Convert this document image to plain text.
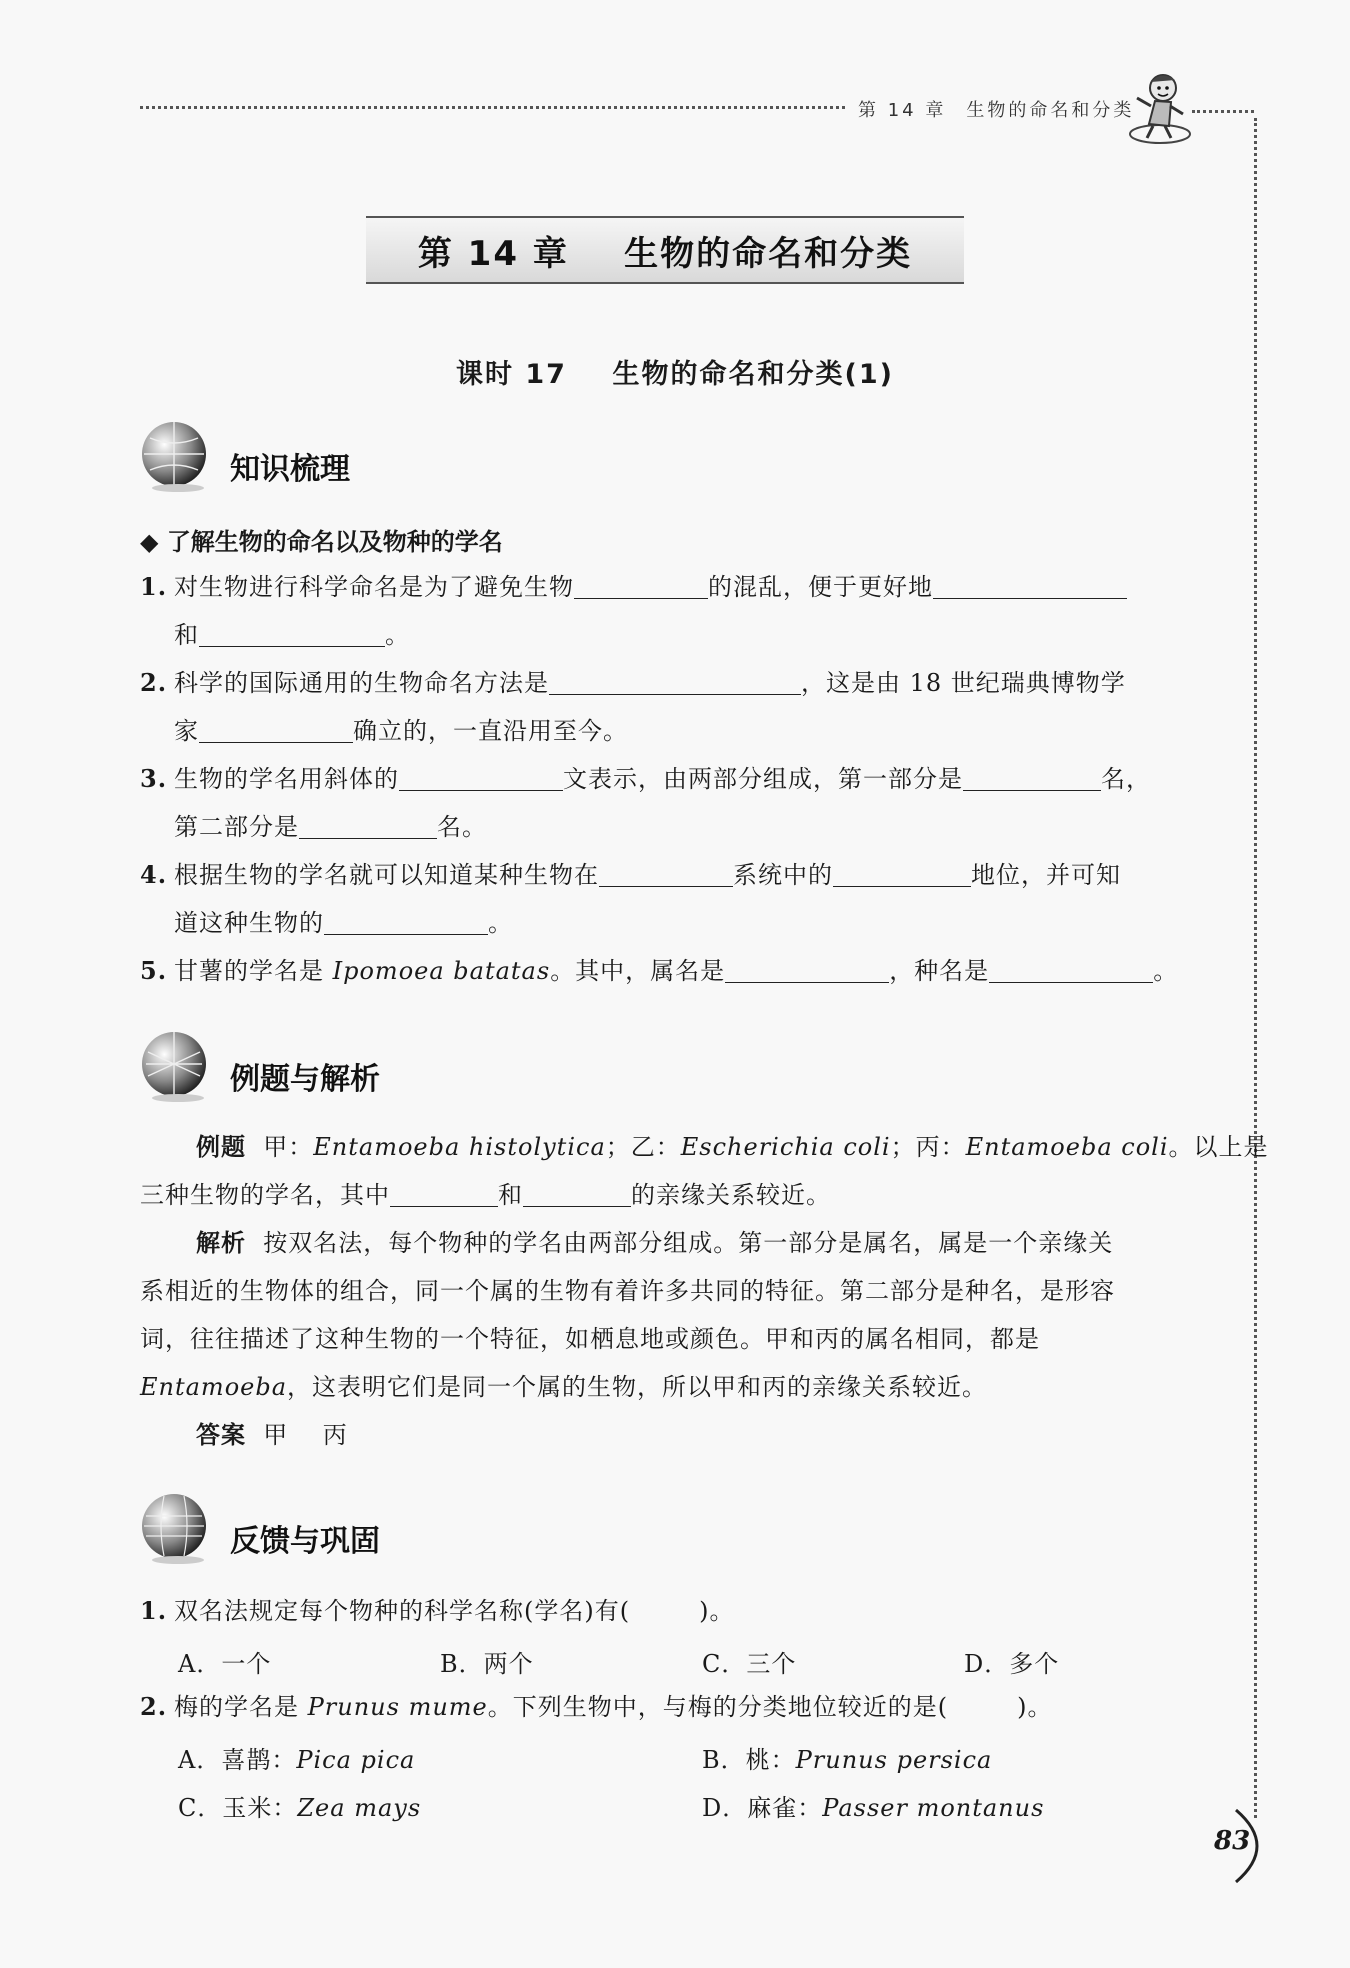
第 14 章 生物的命名和分类
第 14 章    生物的命名和分类
课时 17    生物的命名和分类(1)
知识梳理
◆ 了解生物的命名以及物种的学名
1. 对生物进行科学命名是为了避免生物	的混乱，便于更好地
和	。
2. 科学的国际通用的生物命名方法是	，这是由 18 世纪瑞典博物学
家	确立的，一直沿用至今。
3. 生物的学名用斜体的	文表示，由两部分组成，第一部分是	名，
第二部分是	名。
4. 根据生物的学名就可以知道某种生物在	系统中的	地位，并可知
道这种生物的	。
5. 甘薯的学名是 Ipomoea batatas。其中，属名是	，种名是	。
例题与解析
例题 甲：Entamoeba histolytica；乙：Escherichia coli；丙：Entamoeba coli。以上是
三种生物的学名，其中	和	的亲缘关系较近。
解析 按双名法，每个物种的学名由两部分组成。第一部分是属名，属是一个亲缘关
系相近的生物体的组合，同一个属的生物有着许多共同的特征。第二部分是种名，是形容
词，往往描述了这种生物的一个特征，如栖息地或颜色。甲和丙的属名相同，都是
Entamoeba，这表明它们是同一个属的生物，所以甲和丙的亲缘关系较近。
答案 甲    丙
反馈与巩固
1. 双名法规定每个物种的科学名称(学名)有(        )。
A．一个	B．两个	C．三个	D．多个
2. 梅的学名是 Prunus mume。下列生物中，与梅的分类地位较近的是(        )。
A．喜鹊：Pica pica	B．桃：Prunus persica
C．玉米：Zea mays	D．麻雀：Passer montanus
83
